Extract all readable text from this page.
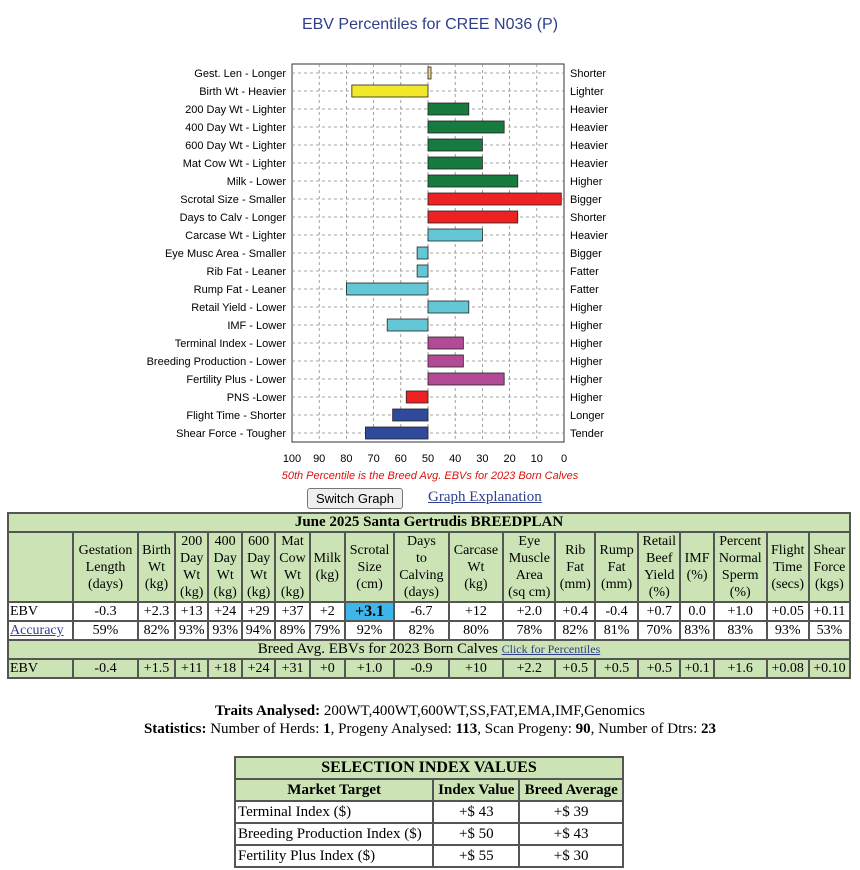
EBV Percentiles for CREE N036 (P)
100 90 80 70 60 50 40 30 20 10 0
Gest. Len - Longer	Shorter
Birth Wt - Heavier	Lighter
200 Day Wt - Lighter	Heavier
400 Day Wt - Lighter	Heavier
600 Day Wt - Lighter	Heavier
Mat Cow Wt - Lighter	Heavier
Milk - Lower	Higher
Scrotal Size - Smaller	Bigger
Days to Calv - Longer	Shorter
Carcase Wt - Lighter	Heavier
Eye Musc Area - Smaller	Bigger
Rib Fat - Leaner	Fatter
Rump Fat - Leaner	Fatter
Retail Yield - Lower	Higher
IMF - Lower	Higher
Terminal Index - Lower	Higher
Breeding Production - Lower	Higher
Fertility Plus - Lower	Higher
PNS -Lower	Higher
Flight Time - Shorter	Longer
Shear Force - Tougher	Tender
50th Percentile is the Breed Avg. EBVs for 2023 Born Calves
Switch Graph	Graph Explanation
June 2025 Santa Gertrudis BREEDPLAN																		
	Gestation
Length
(days)	Birth
Wt
(kg)	200
Day
Wt
(kg)	400
Day
Wt
(kg)	600
Day
Wt
(kg)	Mat
Cow
Wt
(kg)	Milk
(kg)	Scrotal
Size
(cm)	Days
to
Calving
(days)	Carcase
Wt
(kg)	Eye
Muscle
Area
(sq cm)	Rib
Fat
(mm)	Rump
Fat
(mm)	Retail
Beef
Yield
(%)	IMF
(%)	Percent
Normal
Sperm
(%)	Flight
Time
(secs)	Shear
Force
(kgs)
EBV	-0.3	+2.3	+13	+24	+29	+37	+2	+3.1	-6.7	+12	+2.0	+0.4	-0.4	+0.7	0.0	+1.0	+0.05	+0.11
Accuracy	59%	82%	93%	93%	94%	89%	79%	92%	82%	80%	78%	82%	81%	70%	83%	83%	93%	53%
Breed Avg. EBVs for 2023 Born Calves Click for Percentiles																		
EBV	-0.4	+1.5	+11	+18	+24	+31	+0	+1.0	-0.9	+10	+2.2	+0.5	+0.5	+0.5	+0.1	+1.6	+0.08	+0.10
Traits Analysed: 200WT,400WT,600WT,SS,FAT,EMA,IMF,Genomics
Statistics: Number of Herds: 1, Progeny Analysed: 113, Scan Progeny: 90, Number of Dtrs: 23
SELECTION INDEX VALUES		
Market Target	Index Value	Breed Average
Terminal Index ($)	+$ 43	+$ 39
Breeding Production Index ($)	+$ 50	+$ 43
Fertility Plus Index ($)	+$ 55	+$ 30
